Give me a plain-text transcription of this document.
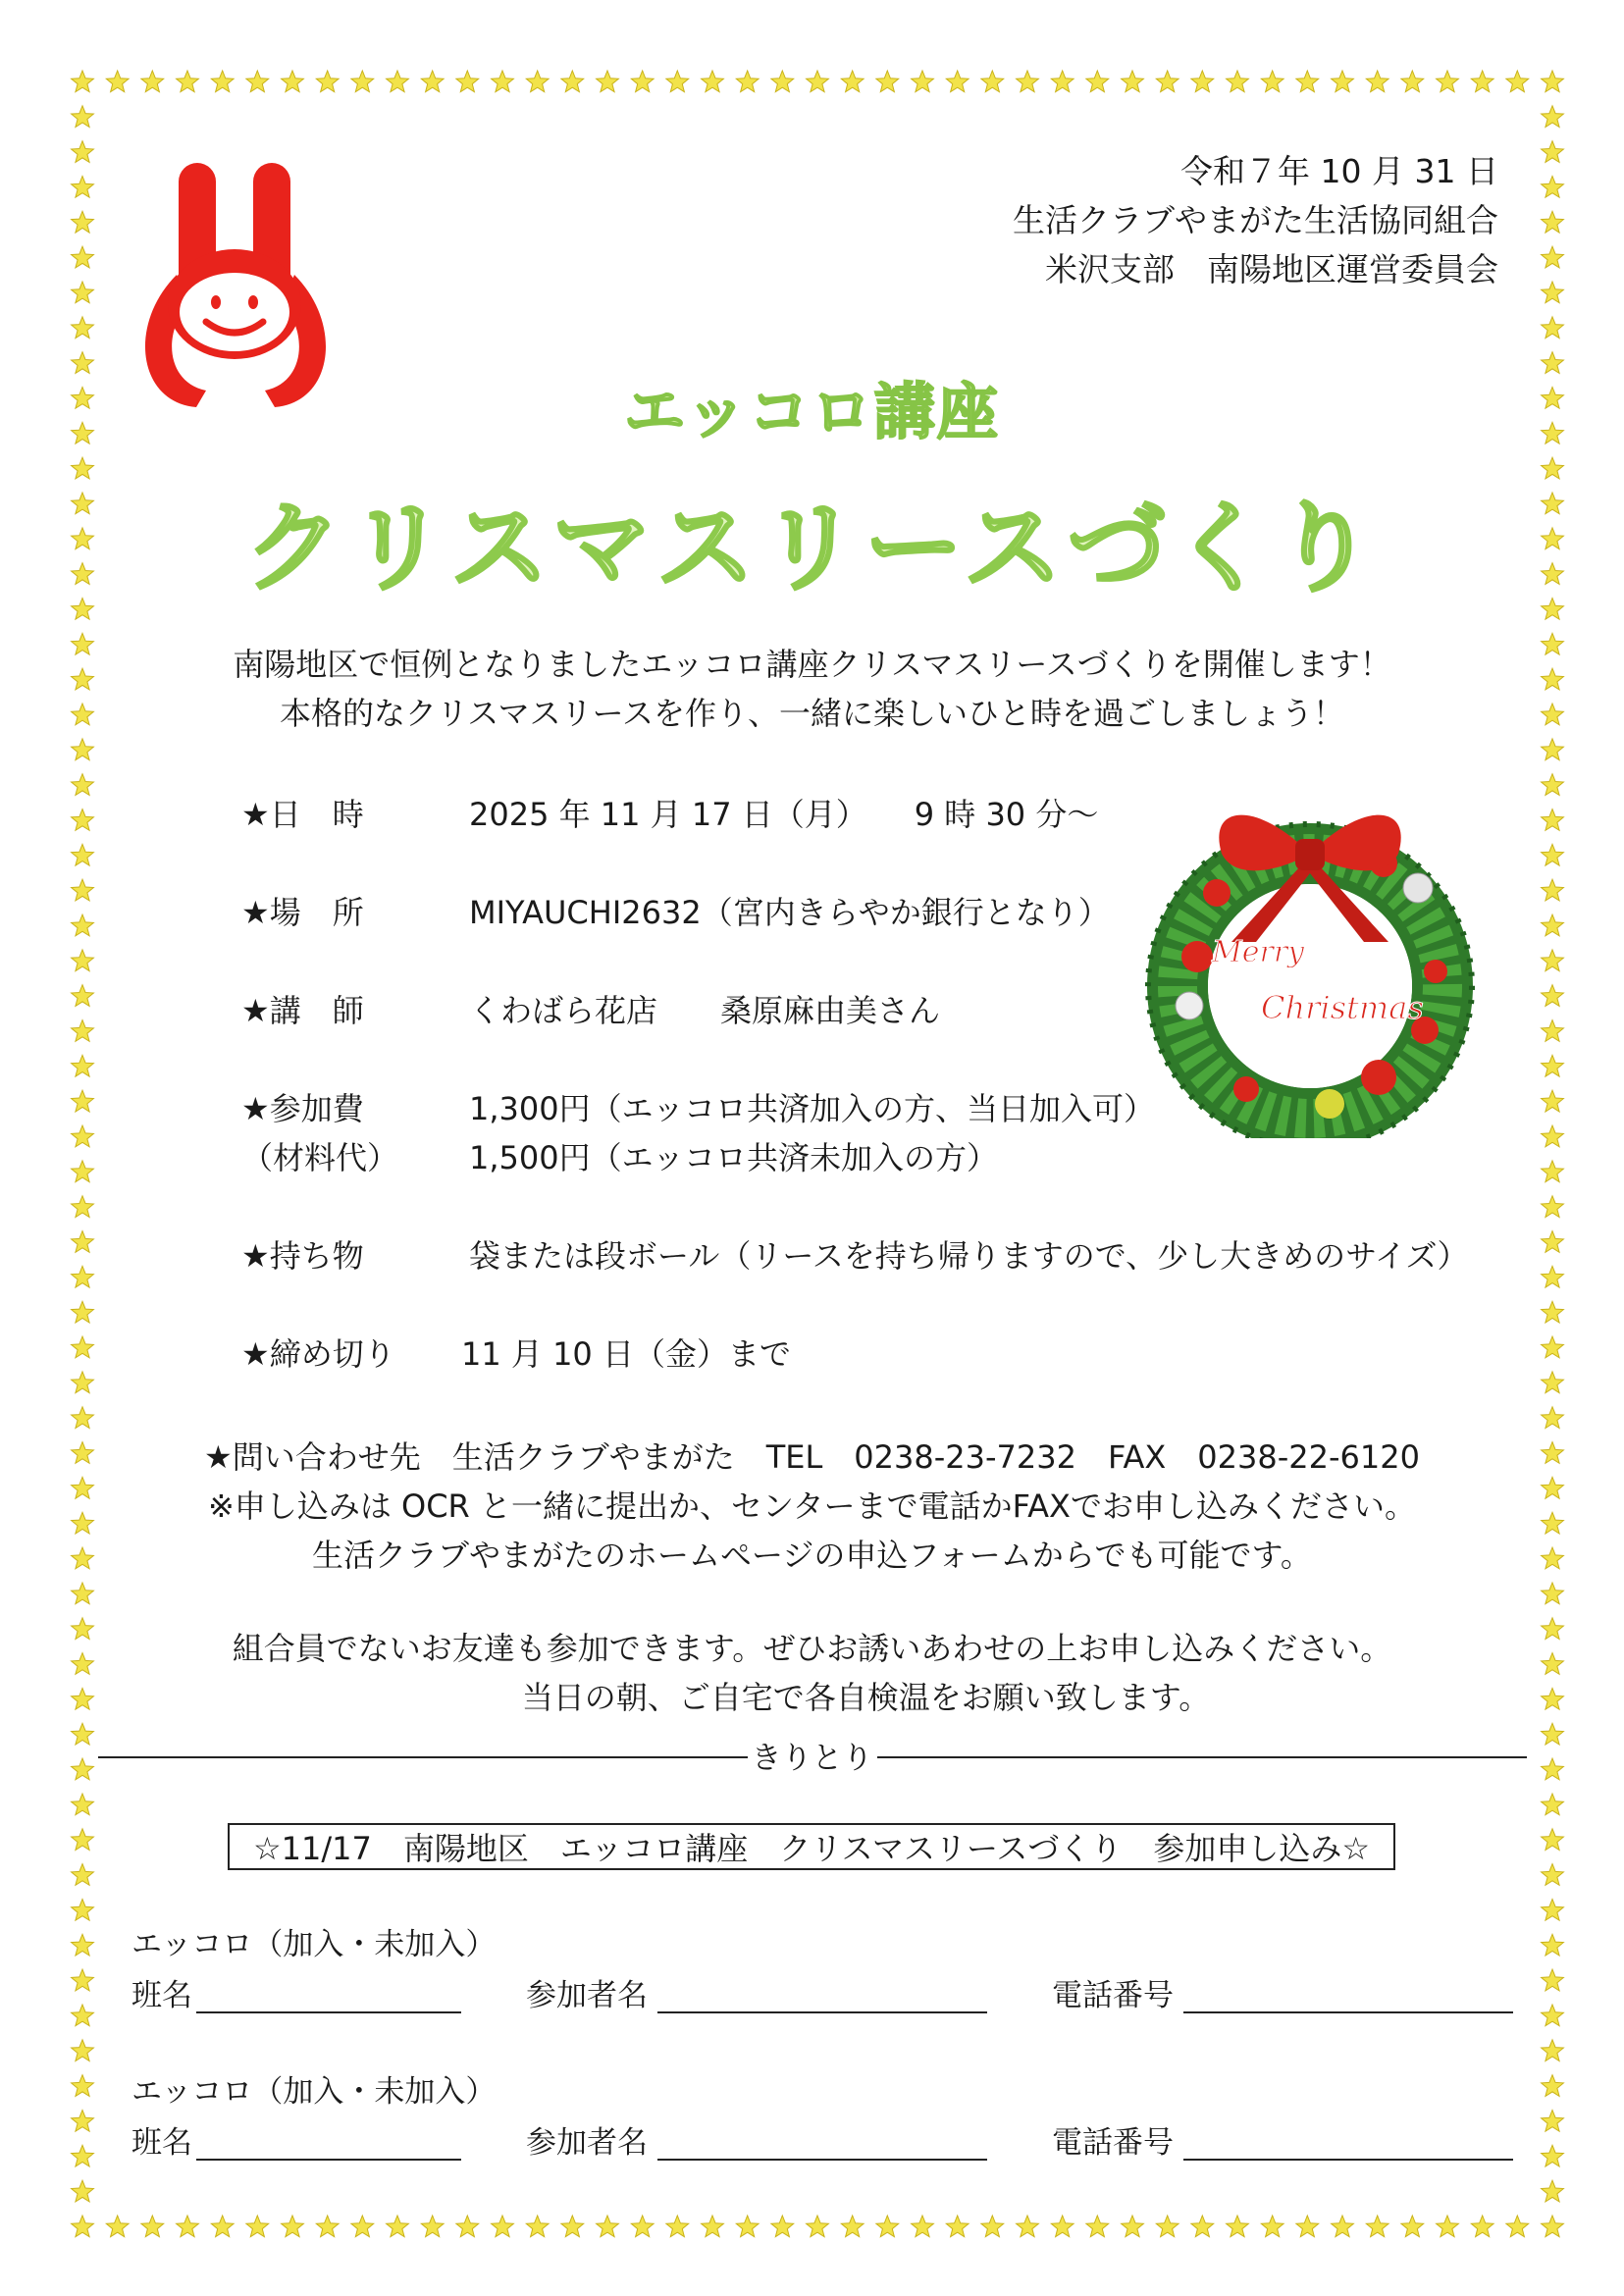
令和７年 10 月 31 日
生活クラブやまがた生活協同組合
米沢支部　南陽地区運営委員会
エッコロ講座
クリスマスリースづくり
南陽地区で恒例となりましたエッコロ講座クリスマスリースづくりを開催します！
本格的なクリスマスリースを作り、一緒に楽しいひと時を過ごしましょう！
★日　時	2025 年 11 月 17 日（月）　　9 時 30 分～
★場　所	MIYAUCHI2632（宮内きらやか銀行となり）
★講　師	くわばら花店　　桑原麻由美さん
★参加費	1,300円（エッコロ共済加入の方、当日加入可）
（材料代） 1,500円（エッコロ共済未加入の方）
★持ち物	袋または段ボール（リースを持ち帰りますので、少し大きめのサイズ）
★締め切り 11 月 10 日（金）まで
Merry
Christmas
★問い合わせ先　生活クラブやまがた　TEL　0238-23-7232　FAX　0238-22-6120
※申し込みは OCR と一緒に提出か、センターまで電話かFAXでお申し込みください。
生活クラブやまがたのホームページの申込フォームからでも可能です。
組合員でないお友達も参加できます。ぜひお誘いあわせの上お申し込みください。
当日の朝、ご自宅で各自検温をお願い致します。
きりとり
☆11/17　南陽地区　エッコロ講座　クリスマスリースづくり　参加申し込み☆
エッコロ（加入・未加入）
班名	参加者名	電話番号
エッコロ（加入・未加入）
班名	参加者名	電話番号
